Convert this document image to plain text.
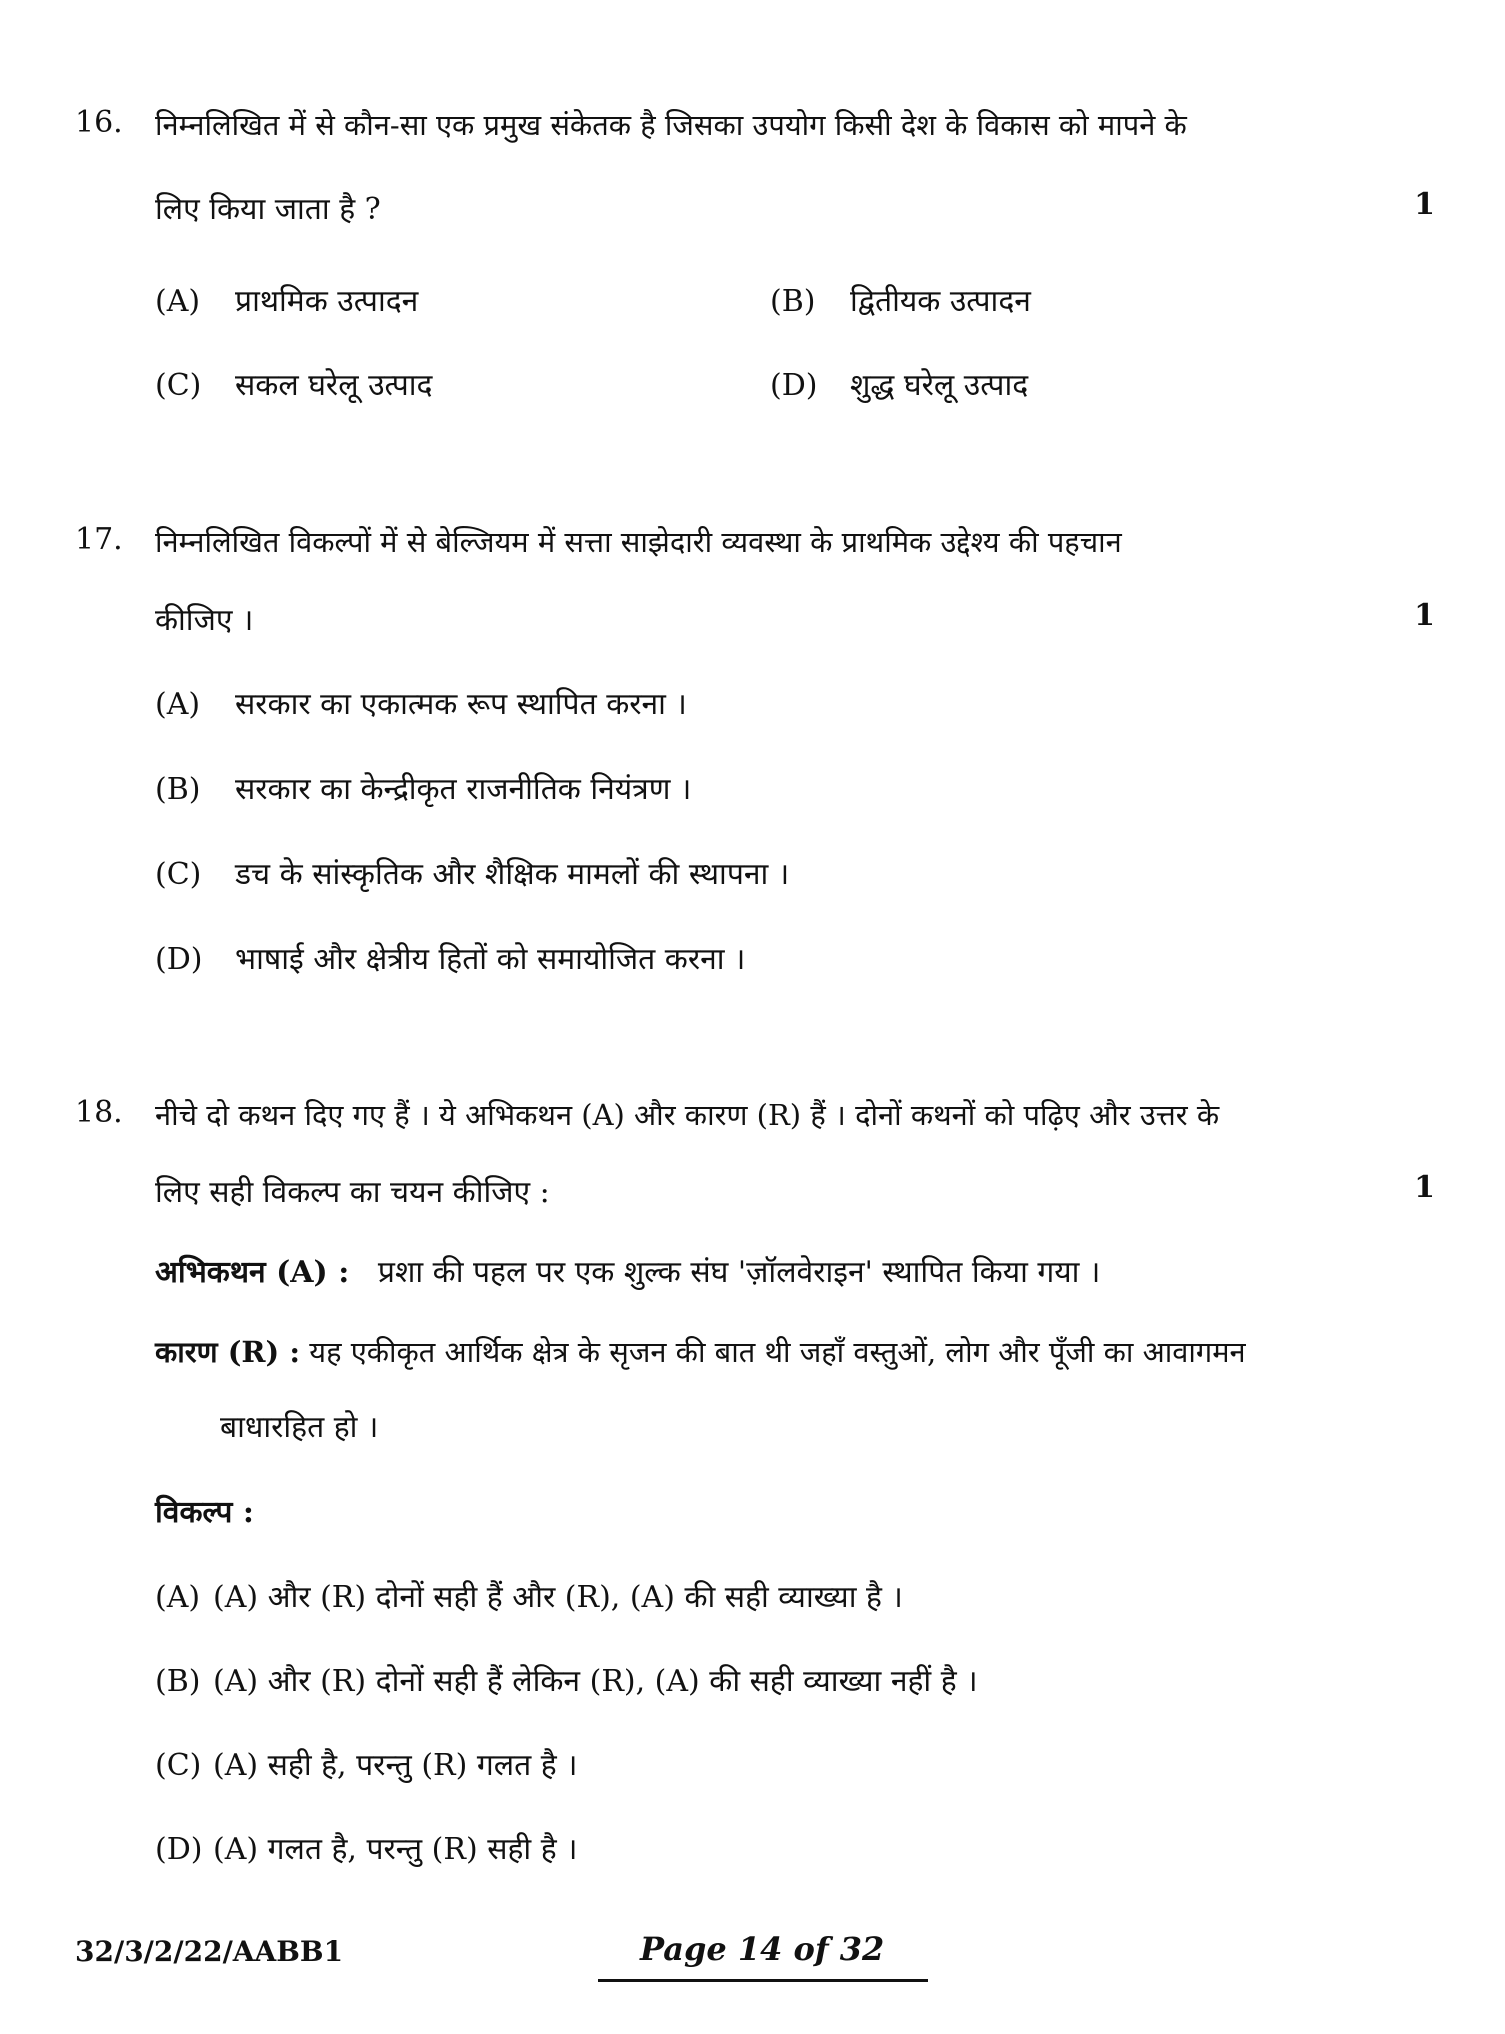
16. निम्नलिखित में से कौन-सा एक प्रमुख संकेतक है जिसका उपयोग किसी देश के विकास को मापने के
लिए किया जाता है ?	1
(A) प्राथमिक उत्पादन	(B) द्वितीयक उत्पादन
(C) सकल घरेलू उत्पाद	(D) शुद्ध घरेलू उत्पाद
17. निम्नलिखित विकल्पों में से बेल्जियम में सत्ता साझेदारी व्यवस्था के प्राथमिक उद्देश्य की पहचान
कीजिए ।	1
(A) सरकार का एकात्मक रूप स्थापित करना ।
(B) सरकार का केन्द्रीकृत राजनीतिक नियंत्रण ।
(C) डच के सांस्कृतिक और शैक्षिक मामलों की स्थापना ।
(D) भाषाई और क्षेत्रीय हितों को समायोजित करना ।
18. नीचे दो कथन दिए गए हैं । ये अभिकथन (A) और कारण (R) हैं । दोनों कथनों को पढ़िए और उत्तर के
लिए सही विकल्प का चयन कीजिए :	1
अभिकथन (A) : प्रशा की पहल पर एक शुल्क संघ 'ज़ॉलवेराइन' स्थापित किया गया ।
कारण (R) : यह एकीकृत आर्थिक क्षेत्र के सृजन की बात थी जहाँ वस्तुओं, लोग और पूँजी का आवागमन
बाधारहित हो ।
विकल्प :
(A) (A) और (R) दोनों सही हैं और (R), (A) की सही व्याख्या है ।
(B) (A) और (R) दोनों सही हैं लेकिन (R), (A) की सही व्याख्या नहीं है ।
(C) (A) सही है, परन्तु (R) गलत है ।
(D) (A) गलत है, परन्तु (R) सही है ।
32/3/2/22/AABB1	Page 14 of 32
